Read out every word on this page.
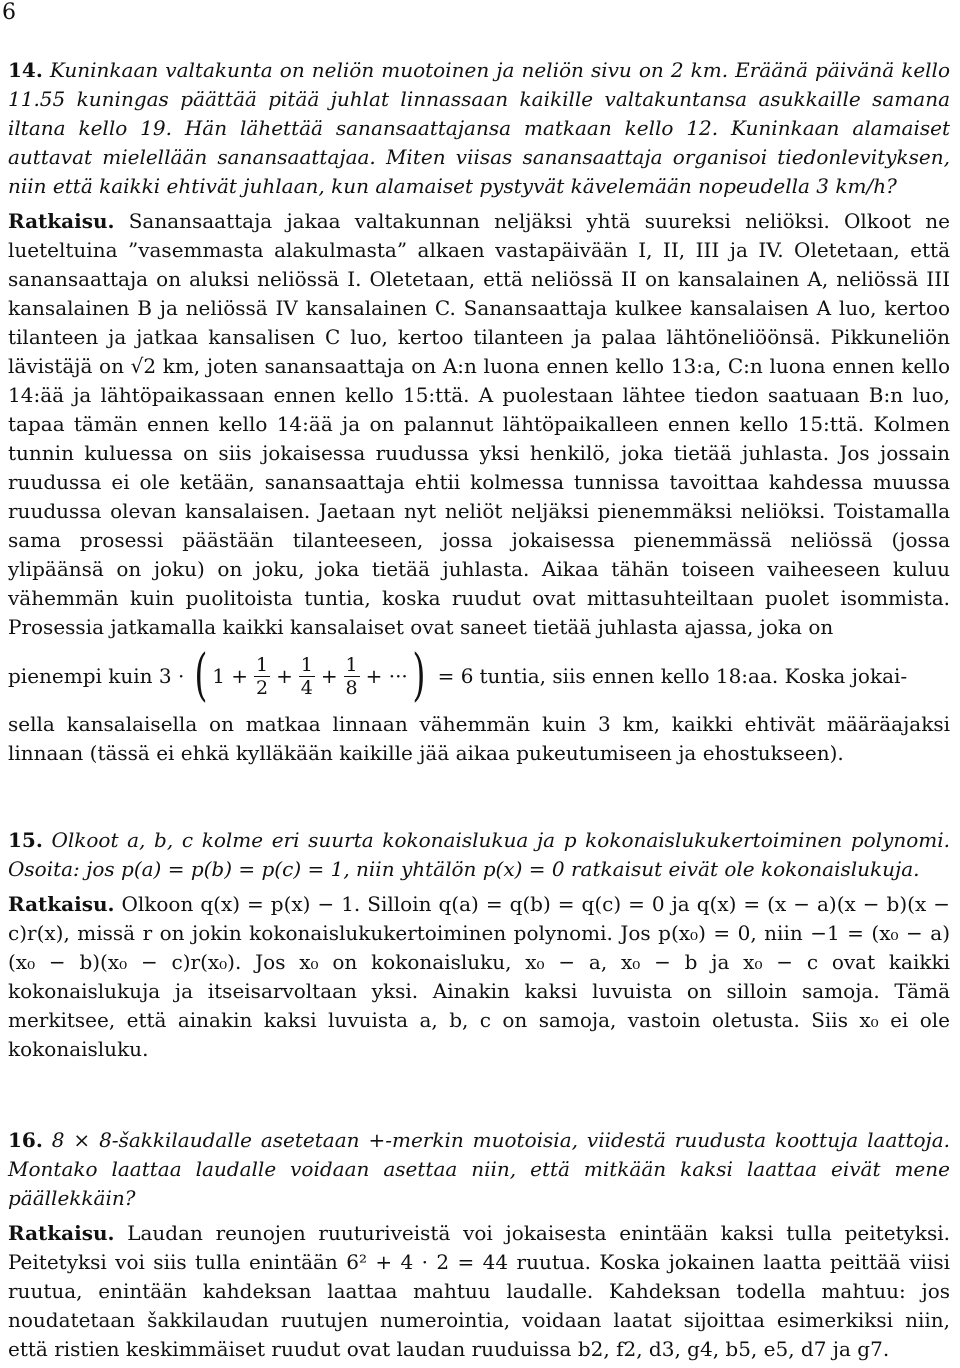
6

14. Kuninkaan valtakunta on neliön muotoinen ja neliön sivu on 2 km. Eräänä päivänä kello 11.55 kuningas päättää pitää juhlat linnassaan kaikille valtakuntansa asukkaille samana iltana kello 19. Hän lähettää sanansaattajansa matkaan kello 12. Kuninkaan alamaiset auttavat mielellään sanansaattajaa. Miten viisas sanansaattaja organisoi tiedonlevityksen, niin että kaikki ehtivät juhlaan, kun alamaiset pystyvät kävelemään nopeudella 3 km/h?

Ratkaisu. Sanansaattaja jakaa valtakunnan neljäksi yhtä suureksi neliöksi. Olkoot ne lueteltuina ”vasemmasta alakulmasta” alkaen vastapäivään I, II, III ja IV. Oletetaan, että sanansaattaja on aluksi neliössä I. Oletetaan, että neliössä II on kansalainen A, neliössä III kansalainen B ja neliössä IV kansalainen C. Sanansaattaja kulkee kansalaisen A luo, kertoo tilanteen ja jatkaa kansalisen C luo, kertoo tilanteen ja palaa lähtöneliöönsä. Pikkuneliön lävistäjä on √2 km, joten sanansaattaja on A:n luona ennen kello 13:a, C:n luona ennen kello 14:ää ja lähtöpaikassaan ennen kello 15:ttä. A puolestaan lähtee tiedon saatuaan B:n luo, tapaa tämän ennen kello 14:ää ja on palannut lähtöpaikalleen ennen kello 15:ttä. Kolmen tunnin kuluessa on siis jokaisessa ruudussa yksi henkilö, joka tietää juhlasta. Jos jossain ruudussa ei ole ketään, sanansaattaja ehtii kolmessa tunnissa tavoittaa kahdessa muussa ruudussa olevan kansalaisen. Jaetaan nyt neliöt neljäksi pienemmäksi neliöksi. Toistamalla sama prosessi päästään tilanteeseen, jossa jokaisessa pienemmässä neliössä (jossa ylipäänsä on joku) on joku, joka tietää juhlasta. Aikaa tähän toiseen vaiheeseen kuluu vähemmän kuin puolitoista tuntia, koska ruudut ovat mittasuhteiltaan puolet isommista. Prosessia jatkamalla kaikki kansalaiset ovat saneet tietää juhlasta ajassa, joka on

pienempi kuin 3 · ( $1 + \frac{1}{2} + \frac{1}{4} + \frac{1}{8}$ + ··· ) = 6 tuntia, siis ennen kello 18:aa. Koska jokai-

sella kansalaisella on matkaa linnaan vähemmän kuin 3 km, kaikki ehtivät määräajaksi linnaan (tässä ei ehkä kylläkään kaikille jää aikaa pukeutumiseen ja ehostukseen).

15. Olkoot a, b, c kolme eri suurta kokonaislukua ja p kokonaislukukertoiminen polynomi. Osoita: jos p(a) = p(b) = p(c) = 1, niin yhtälön p(x) = 0 ratkaisut eivät ole kokonaislukuja.

Ratkaisu. Olkoon q(x) = p(x) − 1. Silloin q(a) = q(b) = q(c) = 0 ja q(x) = (x − a)(x − b)(x − c)r(x), missä r on jokin kokonaislukukertoiminen polynomi. Jos p(x₀) = 0, niin −1 = (x₀ − a)(x₀ − b)(x₀ − c)r(x₀). Jos x₀ on kokonaisluku, x₀ − a, x₀ − b ja x₀ − c ovat kaikki kokonaislukuja ja itseisarvoltaan yksi. Ainakin kaksi luvuista on silloin samoja. Tämä merkitsee, että ainakin kaksi luvuista a, b, c on samoja, vastoin oletusta. Siis x₀ ei ole kokonaisluku.

16. 8 × 8-šakkilaudalle asetetaan +-merkin muotoisia, viidestä ruudusta koottuja laattoja. Montako laattaa laudalle voidaan asettaa niin, että mitkään kaksi laattaa eivät mene päällekkäin?

Ratkaisu. Laudan reunojen ruuturiveistä voi jokaisesta enintään kaksi tulla peitetyksi. Peitetyksi voi siis tulla enintään 6² + 4 · 2 = 44 ruutua. Koska jokainen laatta peittää viisi ruutua, enintään kahdeksan laattaa mahtuu laudalle. Kahdeksan todella mahtuu: jos noudatetaan šakkilaudan ruutujen numerointia, voidaan laatat sijoittaa esimerkiksi niin, että ristien keskimmäiset ruudut ovat laudan ruuduissa b2, f2, d3, g4, b5, e5, d7 ja g7.
